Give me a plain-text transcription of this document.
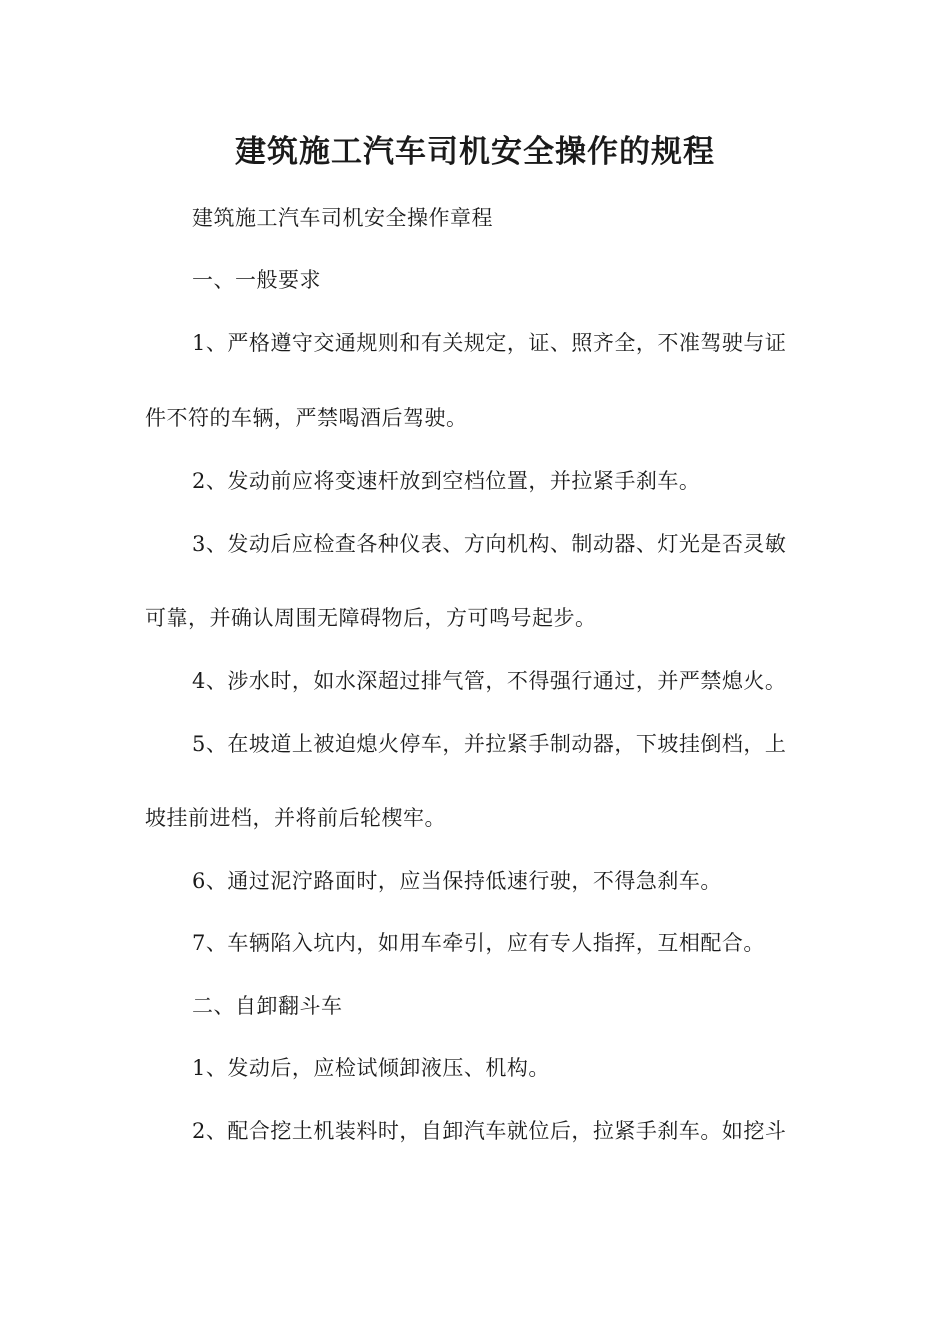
建筑施工汽车司机安全操作的规程
建筑施工汽车司机安全操作章程
一、一般要求
1、严格遵守交通规则和有关规定，证、照齐全，不准驾驶与证
件不符的车辆，严禁喝酒后驾驶。
2、发动前应将变速杆放到空档位置，并拉紧手刹车。
3、发动后应检查各种仪表、方向机构、制动器、灯光是否灵敏
可靠，并确认周围无障碍物后，方可鸣号起步。
4、涉水时，如水深超过排气管，不得强行通过，并严禁熄火。
5、在坡道上被迫熄火停车，并拉紧手制动器，下坡挂倒档，上
坡挂前进档，并将前后轮楔牢。
6、通过泥泞路面时，应当保持低速行驶，不得急刹车。
7、车辆陷入坑内，如用车牵引，应有专人指挥，互相配合。
二、自卸翻斗车
1、发动后，应检试倾卸液压、机构。
2、配合挖土机装料时，自卸汽车就位后，拉紧手刹车。如挖斗
